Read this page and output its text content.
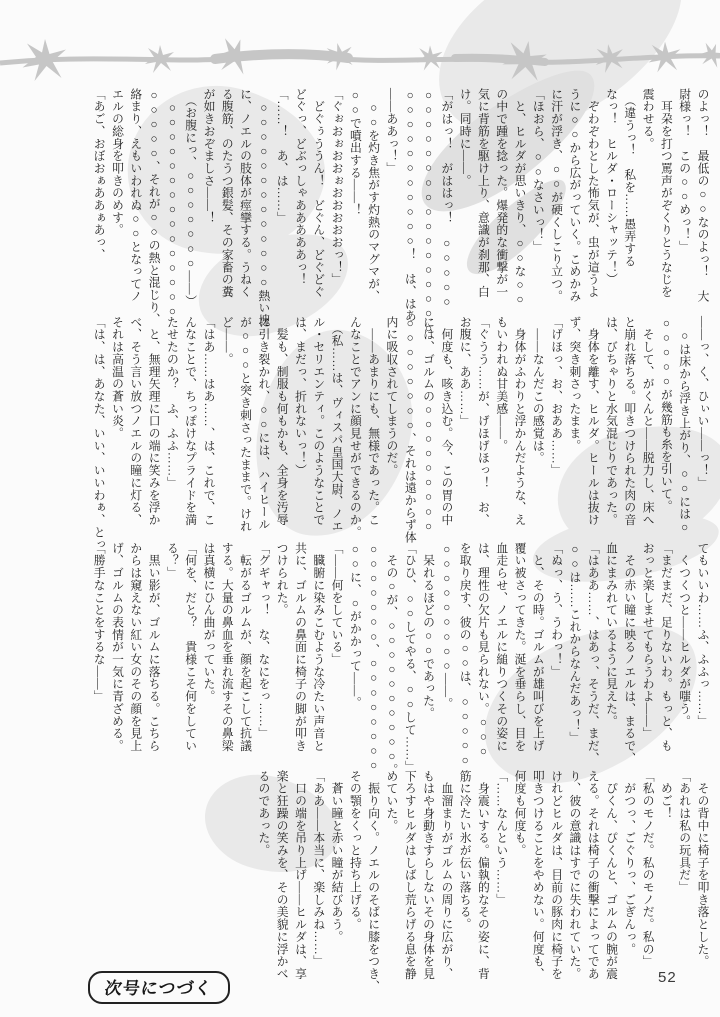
のよっ！　最低の○○なのよっ！　大

尉様っ！　この○○めっ！」

　耳朶を打つ罵声がぞくりとうなじを

震わせる。

　（違うっ！　私を……愚弄する

なっ！　ヒルダ・ローシャッテ！）

　ぞわぞわとした怖気が、虫が這うよ

うに○○から広がっていく。こめかみ

に汗が浮き、○○が硬くしこり立つ。

「ほおら、○○なさいっ！」

　と、ヒルダが思いきり、○○な○○

の中で踵を捻った。爆発的な衝撃が一

気に背筋を駆け上り、意識が刹那、白

け。同時に――。

「がはっ！　がははっ！　○○○○○

○○○○○○○○○○○○○○○○○

○○○○○○○○○○○！　は、はあ

――ああっ！」

　○○を灼き焦がす灼熱のマグマが、

○○で噴出する――！

「ぐぉおぉおおぉおおおおおっ！」

　どぐぅううん！　どぐん、どぐどぐ

どぐっ、どぶっしゃあああああっ！

「……！　あ、は……」

　○○○○○○○○○○○○○熱い塊

に、ノエルの肢体が痙攣する。うねく

る腹筋、のたうつ銀髪、その家畜の糞

が如きおぞましさ――！

　（お腹にっ、○○○○○○○――）

　○○○○○○○○○○○○○○○

○○○○○、それが○○の熱と混じり、

絡まり、えもいわれぬ○○となってノ

エルの総身を叩きのめす。

「あご、おぼおぁああぁあっ、

――っ、く、ひぃい――っ！」

　○は床から浮き上がり、○○には○

○○○○○が幾筋も糸を引いて。

　そして、がくんと――脱力し、床へ

と崩れ落ちる。叩きつけられた肉の音

は、びちゃりと水気混じりであった。

　身体を離す、ヒルダ。ヒールは抜け

ず、突き刺さったまま。

「げほっ、お、おああ……」

　――なんだこの感覚は。

　身体がふわりと浮かんだような、え

もいわれぬ甘美感――。

「ぐうう……が、げほげほっ！　お、

お腹に、ああ……」

　何度も、咳き込む。今、この胃の中

には、ゴルムの○○○○○○○○○

○○○○○○○○、それは遠からず体

内に吸収されてしまうのだ。

　――あまりにも、無様であった。こ

んなことでアンに顔見せができるのか。

　（私……は、ヴィスパ皇国大尉、ノエ

ル・セリエンティ。このようなことで

は、まだっ、折れないっ！）

　髪も、制服も何もかも、全身を汚辱

に引き裂かれ、○○には、ハイヒール

が○○○と突き刺さったままで。けれ

ど――。

「はあ……はあ……、は、これで、こ

んなことで、ちっぽけなプライドを満

たせたのか？　ふ、ふふ……」

　と、無理矢理に口の端に笑みを浮か

べ、そう言い放つノエルの瞳に灯る、

それは高温の蒼い炎。

「は、は、あなた、いい、いいわぁ、とっ

てもいいわ……ふ、ふふっ……」

　くつくつと――ヒルダが嗤う。

「まだまだ、足りないわ。もっと、も

おっと楽しませてもらうわよ――」

　その赤い瞳に映るノエルは、まるで、

血にまみれているように見えた。

「はああ……、はあっ、そうだ、まだ、

○○は……これからなんだあっ！」

「ぬっ、う、うわっ！」

　と、その時。ゴルムが雄叫びを上げ

覆い被さってきた。涎を垂らし、目を

血走らせ、ノエルに縋りつくその姿に

は、理性の欠片も見られない。○○○

を取り戻す、彼の○○は、○○○○○

○○○○○○○○○――。

　呆れるほどの○○であった。

「ひひ、○○してやる、○○して……」

　その○が、○○○○○○○○○○。

○○○○○○○、○○○○○○○○

○○に、○がかかって――。

「――何をしている」

　臓腑に染みこむような冷たい声音と

共に、ゴルムの鼻面に椅子の脚が叩き

つけられた。

「グギャっ！　な、なにをっ……」

　転がるゴルムが、顔を起こして抗議

する。大量の鼻血を垂れ流すその鼻梁

は真横にひん曲がっていた。

「何を、だと？　貴様こそ何をしてい

る？」

　黒い影が、ゴルムに落ちる。こちら

からは窺えない紅い女のその顔を見上

げ、ゴルムの表情が一気に青ざめる。

「勝手なことをするな――」

　その背中に椅子を叩き落とした。

「あれは私の玩具だ」

　めご！

「私のモノだ。私のモノだ。私の」

　がつっ、ごぐりっ、ごぎんっ。

　ぴくん、ぴくんと、ゴルムの腕が震

える。それは椅子の衝撃によってであ

り、彼の意識はすでに失われていた。

けれどヒルダは、目前の豚肉に椅子を

叩きつけることをやめない。何度も、

何度も何度も。

「……なんという……」

　身震いする。偏執的なその姿に、背

筋に冷たい氷が伝い落ちる。

　血溜まりがゴルムの周りに広がり、

もはや身動きすらしないその身体を見

下ろすヒルダはしばし荒らげる息を静

めていた。

　振り向く。ノエルのそばに膝をつき、

その顎をくっと持ち上げる。

　蒼い瞳と赤い瞳が結びあう。

「ああ――本当に、楽しみね……」

　口の端を吊り上げ――ヒルダは、享

楽と狂躁の笑みを、その美貌に浮かべ

るのであった。

次号につづく
52
